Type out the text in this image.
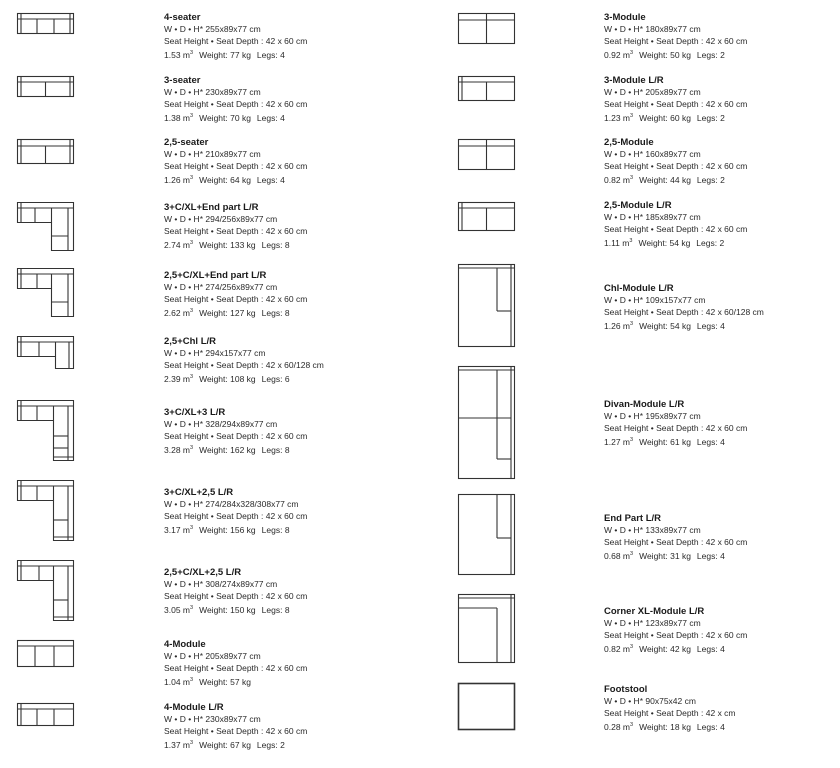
4-seater
W • D • H* 255x89x77 cm
Seat Height • Seat Depth : 42 x 60 cm
1.53 $m^3$ Weight: 77 kg Legs: 4
3-seater
W • D • H* 230x89x77 cm
Seat Height • Seat Depth : 42 x 60 cm
1.38 $m^3$ Weight: 70 kg Legs: 4
2,5-seater
W • D • H* 210x89x77 cm
Seat Height • Seat Depth : 42 x 60 cm
1.26 $m^3$ Weight: 64 kg Legs: 4
3+C/XL+End part L/R
W • D • H* 294/256x89x77 cm
Seat Height • Seat Depth : 42 x 60 cm
2.74 $m^3$ Weight: 133 kg Legs: 8
2,5+C/XL+End part L/R
W • D • H* 274/256x89x77 cm
Seat Height • Seat Depth : 42 x 60 cm
2.62 $m^3$ Weight: 127 kg Legs: 8
2,5+Chl L/R
W • D • H* 294x157x77 cm
Seat Height • Seat Depth : 42 x 60/128 cm
2.39 $m^3$ Weight: 108 kg Legs: 6
3+C/XL+3 L/R
W • D • H* 328/294x89x77 cm
Seat Height • Seat Depth : 42 x 60 cm
3.28 $m^3$ Weight: 162 kg Legs: 8
3+C/XL+2,5 L/R
W • D • H* 274/284x328/308x77 cm
Seat Height • Seat Depth : 42 x 60 cm
3.17 $m^3$ Weight: 156 kg Legs: 8
2,5+C/XL+2,5 L/R
W • D • H* 308/274x89x77 cm
Seat Height • Seat Depth : 42 x 60 cm
3.05 $m^3$ Weight: 150 kg Legs: 8
4-Module
W • D • H* 205x89x77 cm
Seat Height • Seat Depth : 42 x 60 cm
1.04 $m^3$ Weight: 57 kg
4-Module L/R
W • D • H* 230x89x77 cm
Seat Height • Seat Depth : 42 x 60 cm
1.37 $m^3$ Weight: 67 kg Legs: 2
3-Module
W • D • H* 180x89x77 cm
Seat Height • Seat Depth : 42 x 60 cm
0.92 $m^3$ Weight: 50 kg Legs: 2
3-Module L/R
W • D • H* 205x89x77 cm
Seat Height • Seat Depth : 42 x 60 cm
1.23 $m^3$ Weight: 60 kg Legs: 2
2,5-Module
W • D • H* 160x89x77 cm
Seat Height • Seat Depth : 42 x 60 cm
0.82 $m^3$ Weight: 44 kg Legs: 2
2,5-Module L/R
W • D • H* 185x89x77 cm
Seat Height • Seat Depth : 42 x 60 cm
1.11 $m^3$ Weight: 54 kg Legs: 2
Chl-Module L/R
W • D • H* 109x157x77 cm
Seat Height • Seat Depth : 42 x 60/128 cm
1.26 $m^3$ Weight: 54 kg Legs: 4
Divan-Module L/R
W • D • H* 195x89x77 cm
Seat Height • Seat Depth : 42 x 60 cm
1.27 $m^3$ Weight: 61 kg Legs: 4
End Part L/R
W • D • H* 133x89x77 cm
Seat Height • Seat Depth : 42 x 60 cm
0.68 $m^3$ Weight: 31 kg Legs: 4
Corner XL-Module L/R
W • D • H* 123x89x77 cm
Seat Height • Seat Depth : 42 x 60 cm
0.82 $m^3$ Weight: 42 kg Legs: 4
Footstool
W • D • H* 90x75x42 cm
Seat Height • Seat Depth : 42 x cm
0.28 $m^3$ Weight: 18 kg Legs: 4
